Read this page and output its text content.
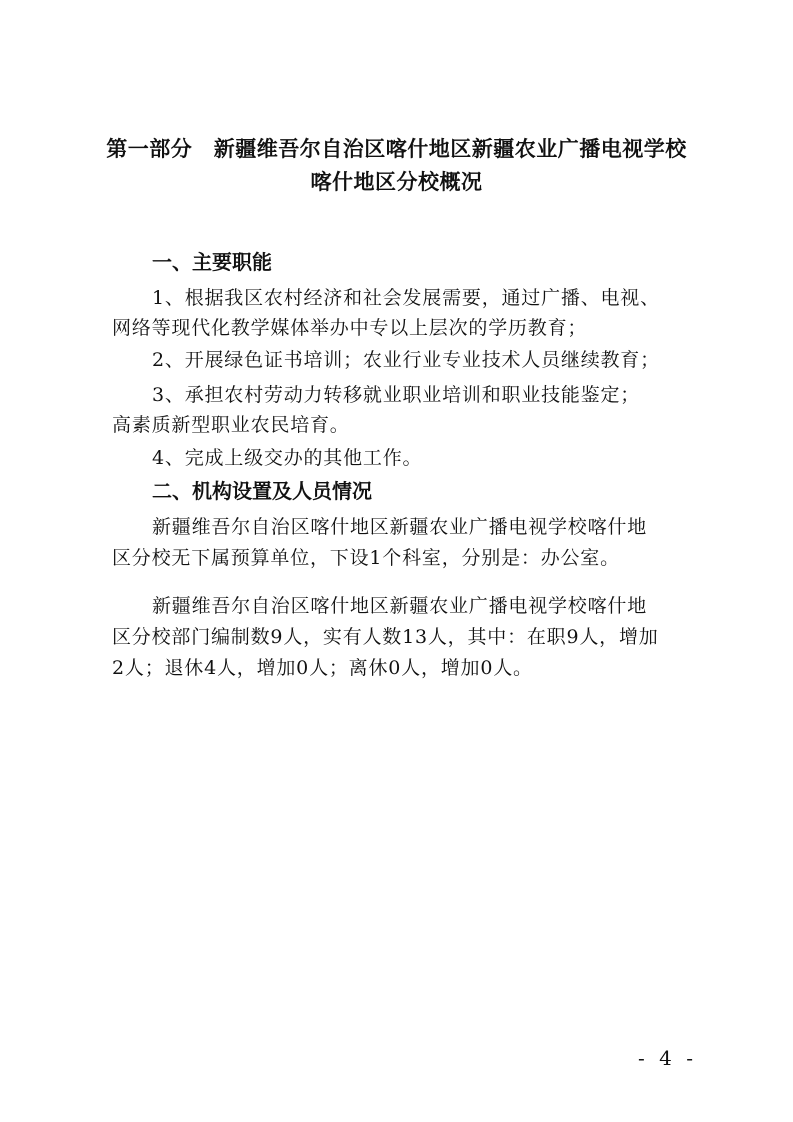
第一部分　新疆维吾尔自治区喀什地区新疆农业广播电视学校
喀什地区分校概况
一、主要职能
1、根据我区农村经济和社会发展需要，通过广播、电视、
网络等现代化教学媒体举办中专以上层次的学历教育；
2、开展绿色证书培训；农业行业专业技术人员继续教育；
3、承担农村劳动力转移就业职业培训和职业技能鉴定；
高素质新型职业农民培育。
4、完成上级交办的其他工作。
二、机构设置及人员情况
新疆维吾尔自治区喀什地区新疆农业广播电视学校喀什地
区分校无下属预算单位，下设1个科室，分别是：办公室。
新疆维吾尔自治区喀什地区新疆农业广播电视学校喀什地
区分校部门编制数9人，实有人数13人，其中：在职9人，增加
2人；退休4人，增加0人；离休0人，增加0人。
- 4 -
